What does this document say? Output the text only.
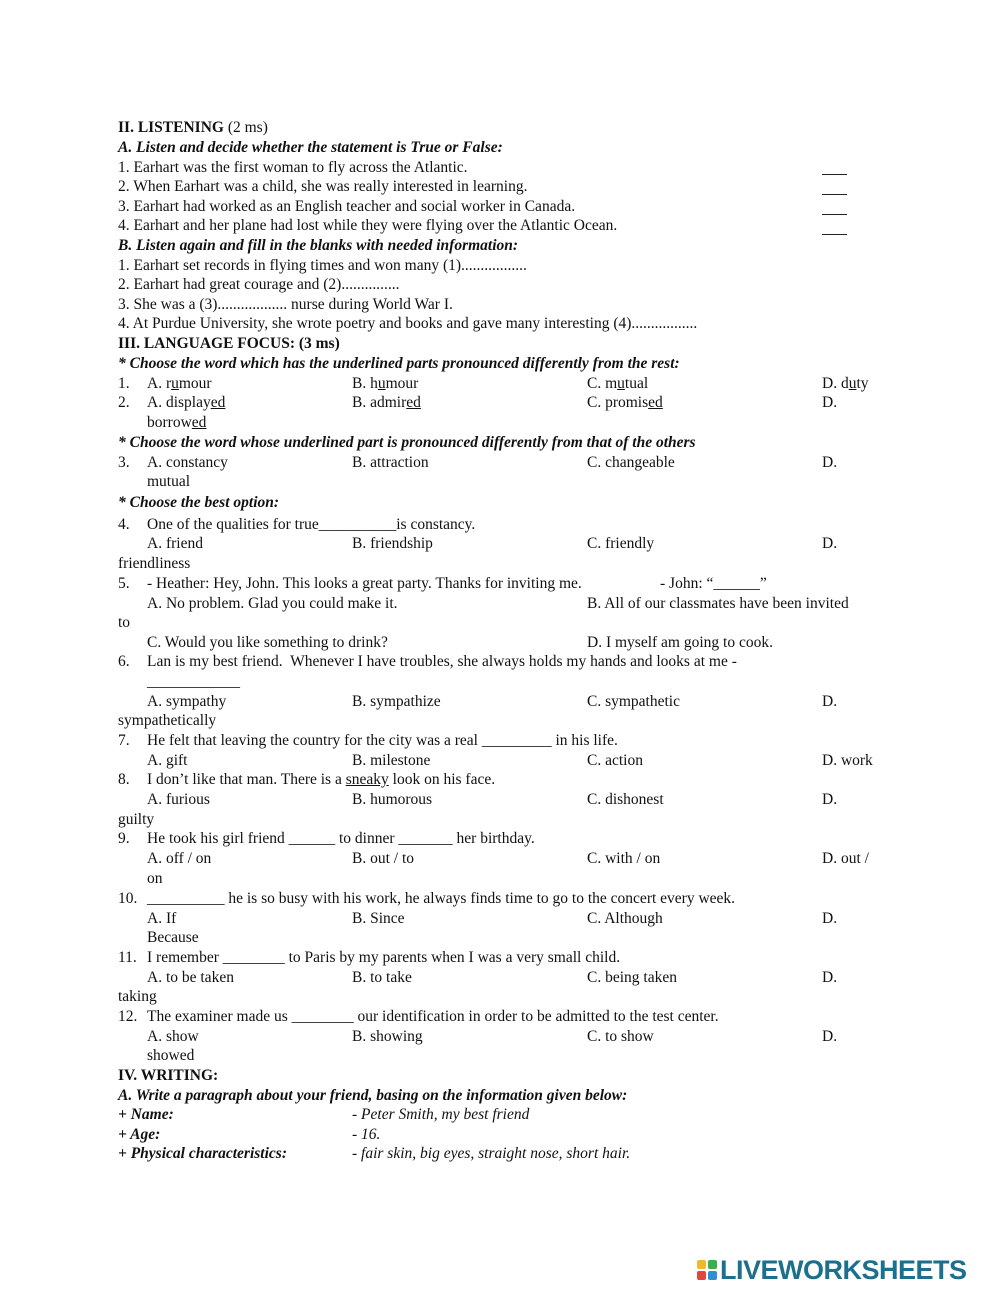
II. LISTENING (2 ms)
A. Listen and decide whether the statement is True or False:
1. Earhart was the first woman to fly across the Atlantic.
2. When Earhart was a child, she was really interested in learning.
3. Earhart had worked as an English teacher and social worker in Canada.
4. Earhart and her plane had lost while they were flying over the Atlantic Ocean.
B. Listen again and fill in the blanks with needed information:
1. Earhart set records in flying times and won many (1).................
2. Earhart had great courage and (2)...............
3. She was a (3).................. nurse during World War I.
4. At Purdue University, she wrote poetry and books and gave many interesting (4).................
III. LANGUAGE FOCUS: (3 ms)
* Choose the word which has the underlined parts pronounced differently from the rest:
1. A. rumour	B. humour	C. mutual	D. duty
2. A. displayed	B. admired	C. promised	D.
borrowed
* Choose the word whose underlined part is pronounced differently from that of the others
3. A. constancy	B. attraction	C. changeable	D.
mutual
* Choose the best option:
4. One of the qualities for true__________is constancy.
A. friend	B. friendship	C. friendly	D.
friendliness
5. - Heather: Hey, John. This looks a great party. Thanks for inviting me.	- John: “______”
A. No problem. Glad you could make it.	B. All of our classmates have been invited
to
C. Would you like something to drink?	D. I myself am going to cook.
6. Lan is my best friend.  Whenever I have troubles, she always holds my hands and looks at me -
____________
A. sympathy	B. sympathize	C. sympathetic	D.
sympathetically
7. He felt that leaving the country for the city was a real _________ in his life.
A. gift	B. milestone	C. action	D. work
8. I don’t like that man. There is a sneaky look on his face.
A. furious	B. humorous	C. dishonest	D.
guilty
9. He took his girl friend ______ to dinner _______ her birthday.
A. off / on	B. out / to	C. with / on	D. out /
on
10. __________ he is so busy with his work, he always finds time to go to the concert every week.
A. If	B. Since	C. Although	D.
Because
11. I remember ________ to Paris by my parents when I was a very small child.
A. to be taken	B. to take	C. being taken	D.
taking
12. The examiner made us ________ our identification in order to be admitted to the test center.
A. show	B. showing	C. to show	D.
showed
IV. WRITING:
A. Write a paragraph about your friend, basing on the information given below:
+ Name:	- Peter Smith, my best friend
+ Age:	- 16.
+ Physical characteristics:	- fair skin, big eyes, straight nose, short hair.
LIVEWORKSHEETS
